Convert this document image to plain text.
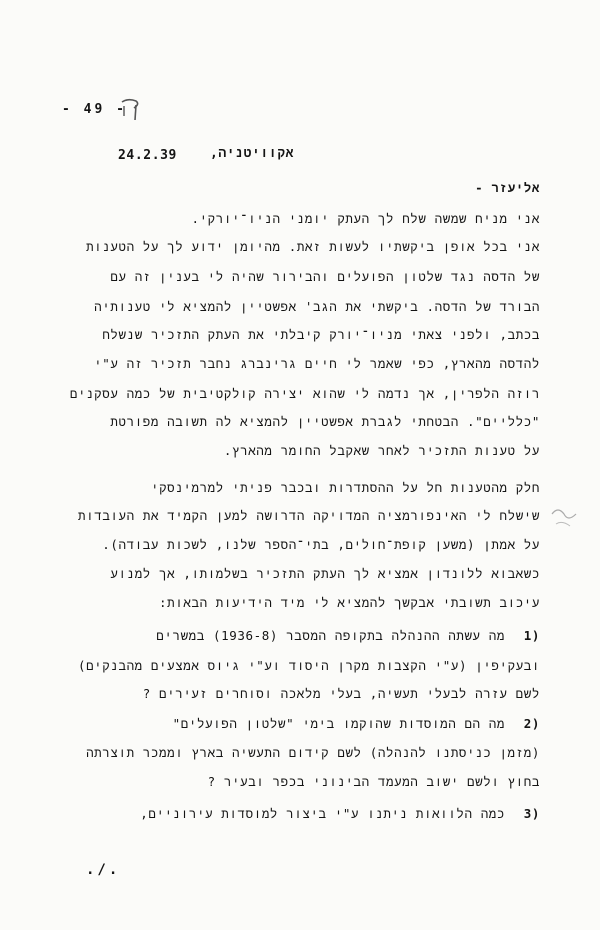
- 49 -
24.2.39	אקוויטניה,
אליעזר -
אני מניח שמשה שלח לך העתק יומני הניו־יורקי.
אני בכל אופן ביקשתיו לעשות זאת. מהיומן ידוע לך על הטענות
של הדסה נגד שלטון הפועלים והבירור שהיה לי בענין זה עם
הבורד של הדסה. ביקשתי את הגב' אפשטיין להמציא לי טענותיה
בכתב, ולפני צאתי מניו־יורק קיבלתי את העתק התזכיר שנשלח
להדסה מהארץ, כפי שאמר לי חיים גרינברג נחבר תזכיר זה ע"י
רוזה הלפרין, אך נדמה לי שהוא יצירה קולקטיבית של כמה עסקנים
"כלליים". הבטחתי לגברת אפשטיין להמציא לה תשובה מפורטת
על טענות התזכיר לאחר שאקבל החומר מהארץ.
חלק מהטענות חל על ההסתדרות ובכבר פניתי למרמינסקי
שישלח לי האינפורמציה המדויקה הדרושה למען הקמיד את העובדות
על אמתן (משען קופת־חולים, בתי־הספר שלנו, לשכות עבודה).
כשאבוא ללונדון אמציא לך העתק התזכיר בשלמותו, אך למנוע
עיכוב תשובתי אבקשך להמציא לי מיד הידיעות הבאות:
1)
מה עשתה ההנהלה בתקופה המסבר (1936-8) במשרים
ובעקיפין (ע"י הקצבות מקרן היסוד וע"י גיוס אמצעים מהבנקים)
לשם עזרה לבעלי תעשיה, בעלי מלאכה וסוחרים זעירים ?
2)
מה הם המוסדות שהוקמו בימי "שלטון הפועלים"
(מזמן כניסתנו להנהלה) לשם קידום התעשיה בארץ וממכר תוצרתה
בחוץ ולשם ישוב המעמד הבינוני בכפר ובעיר ?
3)
כמה הלוואות ניתנו ע"י ביצור למוסדות עירוניים,
./.
